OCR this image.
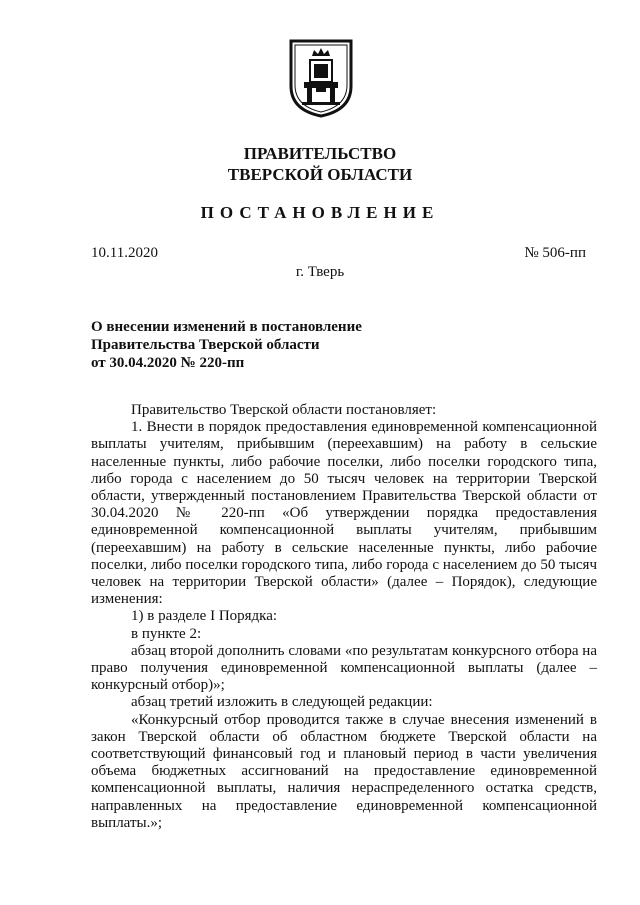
ПРАВИТЕЛЬСТВО
ТВЕРСКОЙ ОБЛАСТИ
ПОСТАНОВЛЕНИЕ
10.11.2020	№ 506-пп
г. Тверь
О внесении изменений в постановление
Правительства Тверской области
от 30.04.2020 № 220-пп

Правительство Тверской области постановляет:

1. Внести в порядок предоставления единовременной компенсационной выплаты учителям, прибывшим (переехавшим) на работу в сельские населенные пункты, либо рабочие поселки, либо поселки городского типа, либо города с населением до 50 тысяч человек на территории Тверской области, утвержденный постановлением Правительства Тверской области от 30.04.2020 № 220-пп «Об утверждении порядка предоставления единовременной компенсационной выплаты учителям, прибывшим (переехавшим) на работу в сельские населенные пункты, либо рабочие поселки, либо поселки городского типа, либо города с населением до 50 тысяч человек на территории Тверской области» (далее – Порядок), следующие изменения:

1) в разделе I Порядка:

в пункте 2:

абзац второй дополнить словами «по результатам конкурсного отбора на право получения единовременной компенсационной выплаты (далее – конкурсный отбор)»;

абзац третий изложить в следующей редакции:

«Конкурсный отбор проводится также в случае внесения изменений в закон Тверской области об областном бюджете Тверской области на соответствующий финансовый год и плановый период в части увеличения объема бюджетных ассигнований на предоставление единовременной компенсационной выплаты, наличия нераспределенного остатка средств, направленных на предоставление единовременной компенсационной выплаты.»;
